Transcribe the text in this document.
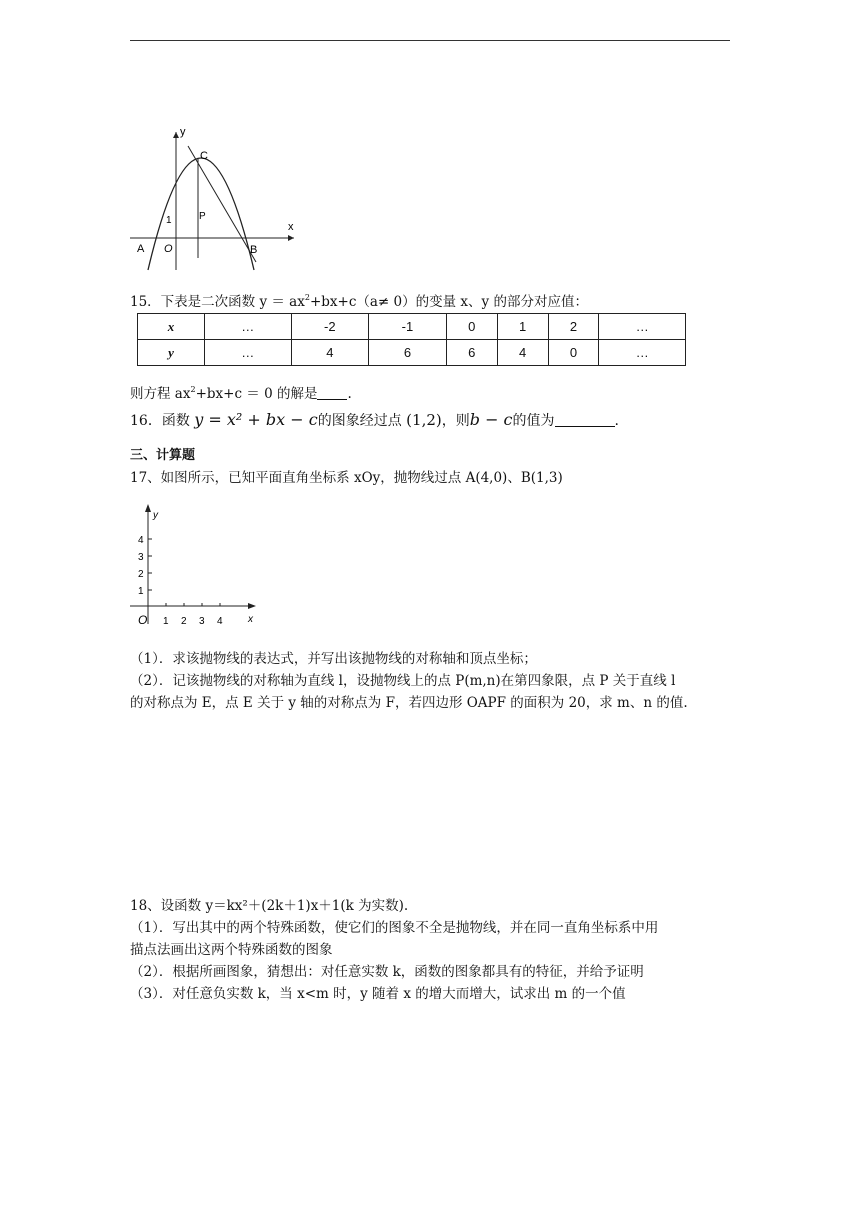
y
C
P
1
x
A O	B
15．下表是二次函数 $y = ax^2+bx+c(a\ne 0)$的变量 x、y 的部分对应值：
x	…	-2	-1	0	1	2	…
y	…	4	6	6	4	0	…
则方程 $ax^2+bx+c = 0$ 的解是 .
16．函数 y = x² + bx − c的图象经过点 (1,2)，则b − c的值为	.
三、计算题
17、如图所示，已知平面直角坐标系 xOy，抛物线过点 A(4,0)、B(1,3)
1 2 3 4
1
2
3
4
y
x
O
（1）．求该抛物线的表达式，并写出该抛物线的对称轴和顶点坐标；
（2）．记该抛物线的对称轴为直线 l，设抛物线上的点 P(m,n)在第四象限，点 P 关于直线 l
的对称点为 E，点 E 关于 y 轴的对称点为 F，若四边形 OAPF 的面积为 20，求 m、n 的值.
18、设函数 y＝kx²＋(2k＋1)x＋1(k 为实数).
（1）．写出其中的两个特殊函数，使它们的图象不全是抛物线，并在同一直角坐标系中用
描点法画出这两个特殊函数的图象
（2）．根据所画图象，猜想出：对任意实数 k，函数的图象都具有的特征，并给予证明
（3）．对任意负实数 k，当 x<m 时，y 随着 x 的增大而增大，试求出 m 的一个值
